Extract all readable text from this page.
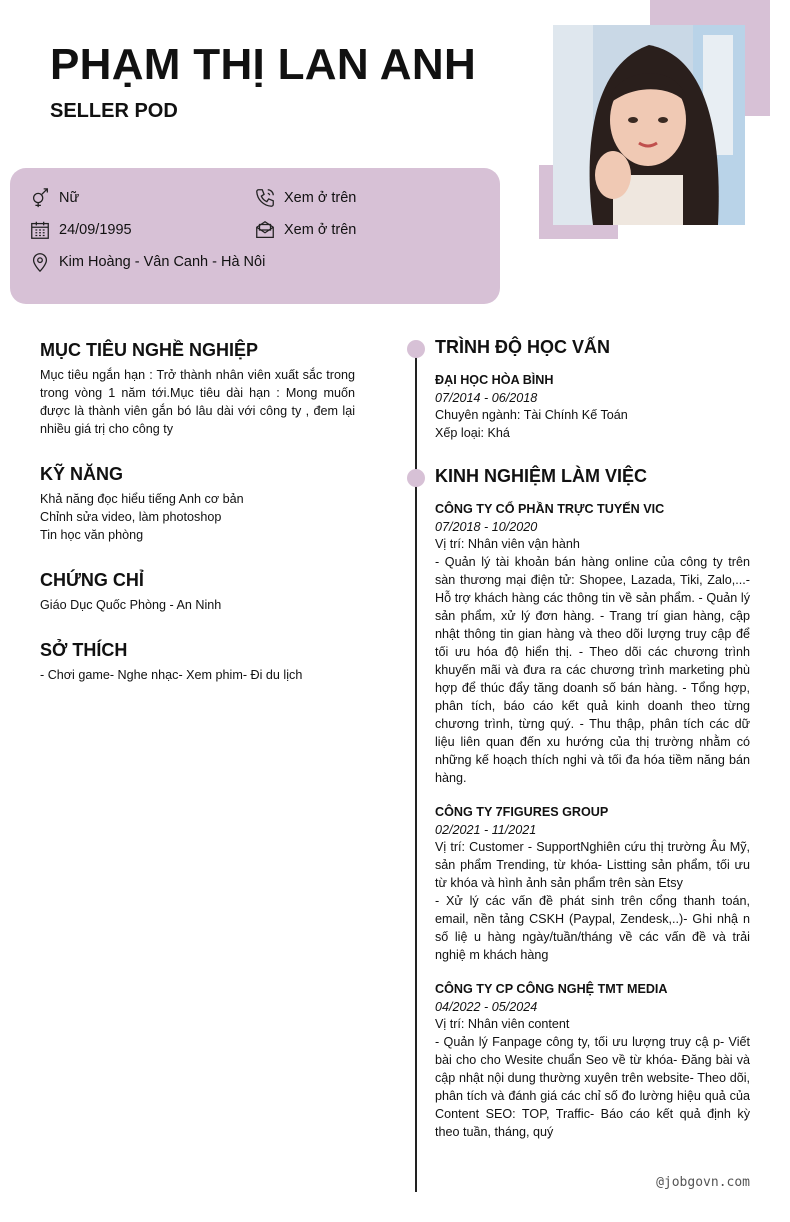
PHẠM THỊ LAN ANH
SELLER POD
Nữ
24/09/1995
Kim Hoàng - Vân Canh - Hà Nôi
Xem ở trên
Xem ở trên
MỤC TIÊU NGHỀ NGHIỆP
Mục tiêu ngắn hạn : Trở thành nhân viên xuất sắc trong trong vòng 1 năm tới.Mục tiêu dài hạn : Mong muốn được là thành viên gắn bó lâu dài với công ty , đem lại nhiều giá trị cho công ty
KỸ NĂNG
Khả năng đọc hiểu tiếng Anh cơ bản
Chỉnh sửa video, làm photoshop
Tin học văn phòng
CHỨNG CHỈ
Giáo Dục Quốc Phòng - An Ninh
SỞ THÍCH
- Chơi game- Nghe nhạc- Xem phim- Đi du lịch
TRÌNH ĐỘ HỌC VẤN
ĐẠI HỌC HÒA BÌNH
07/2014 - 06/2018
Chuyên ngành: Tài Chính Kế Toán
Xếp loại: Khá
KINH NGHIỆM LÀM VIỆC
CÔNG TY CỔ PHẦN TRỰC TUYẾN VIC
07/2018 - 10/2020
Vị trí: Nhân viên vận hành
- Quản lý tài khoản bán hàng online của công ty trên sàn thương mại điện tử: Shopee, Lazada, Tiki, Zalo,...- Hỗ trợ khách hàng các thông tin về sản phẩm. - Quản lý sản phẩm, xử lý đơn hàng. - Trang trí gian hàng, cập nhật thông tin gian hàng và theo dõi lượng truy cập để tối ưu hóa độ hiển thị. - Theo dõi các chương trình khuyến mãi và đưa ra các chương trình marketing phù hợp để thúc đẩy tăng doanh số bán hàng. - Tổng hợp, phân tích, báo cáo kết quả kinh doanh theo từng chương trình, từng quý. - Thu thập, phân tích các dữ liệu liên quan đến xu hướng của thị trường nhằm có những kế hoạch thích nghi và tối đa hóa tiềm năng bán hàng.
CÔNG TY 7FIGURES GROUP
02/2021 - 11/2021
Vị trí: Customer - SupportNghiên cứu thị trường Âu Mỹ, sản phẩm Trending, từ khóa- Listting sản phẩm, tối ưu từ khóa và hình ảnh sản phẩm trên sàn Etsy
- Xử lý các vấn đề phát sinh trên cổng thanh toán, email, nền tảng CSKH (Paypal, Zendesk,..)- Ghi nhậ n số liệ u hàng ngày/tuần/tháng về các vấn đề và trải nghiệ m khách hàng
CÔNG TY CP CÔNG NGHỆ TMT MEDIA
04/2022 - 05/2024
Vị trí: Nhân viên content
- Quản lý Fanpage công ty, tối ưu lượng truy cậ p- Viết bài cho cho Wesite chuẩn Seo về từ khóa- Đăng bài và cập nhật nội dung thường xuyên trên website- Theo dõi, phân tích và đánh giá các chỉ số đo lường hiệu quả của Content SEO: TOP, Traffic- Báo cáo kết quả định kỳ theo tuần, tháng, quý
@jobgovn.com
